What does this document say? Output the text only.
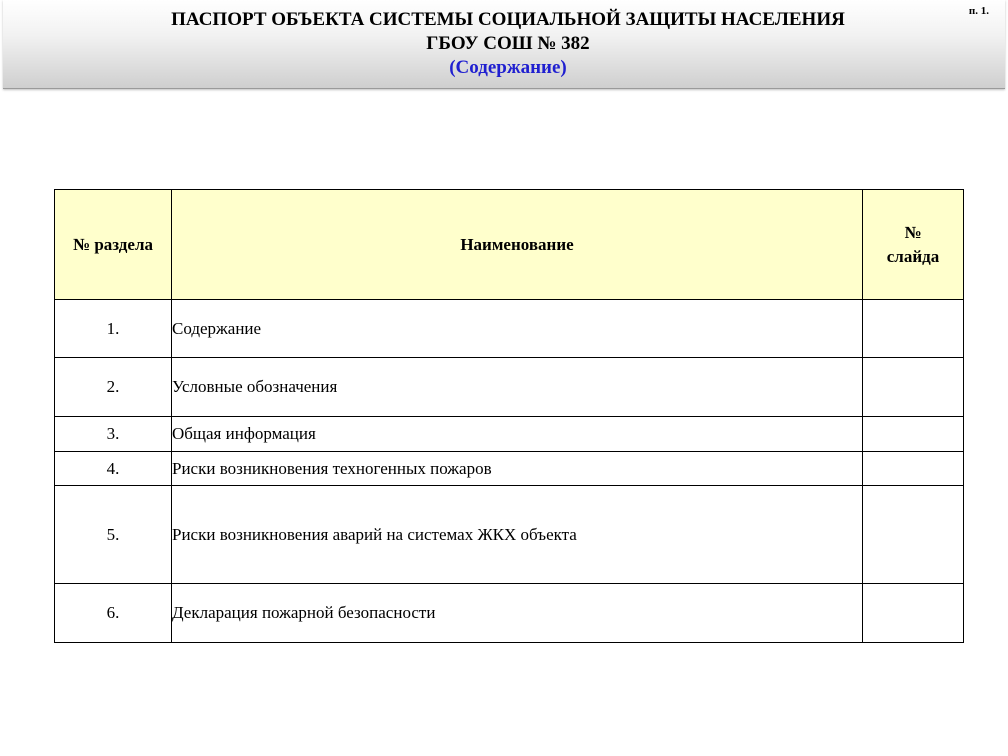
ПАСПОРТ ОБЪЕКТА СИСТЕМЫ СОЦИАЛЬНОЙ ЗАЩИТЫ НАСЕЛЕНИЯ
ГБОУ СОШ № 382
(Содержание)
п. 1.
№ раздела	Наименование	№
слайда
1.	Содержание	
2.	Условные обозначения	
3.	Общая информация	
4.	Риски возникновения техногенных пожаров	
5.	Риски возникновения аварий на системах ЖКХ объекта	
6.	Декларация пожарной безопасности	
